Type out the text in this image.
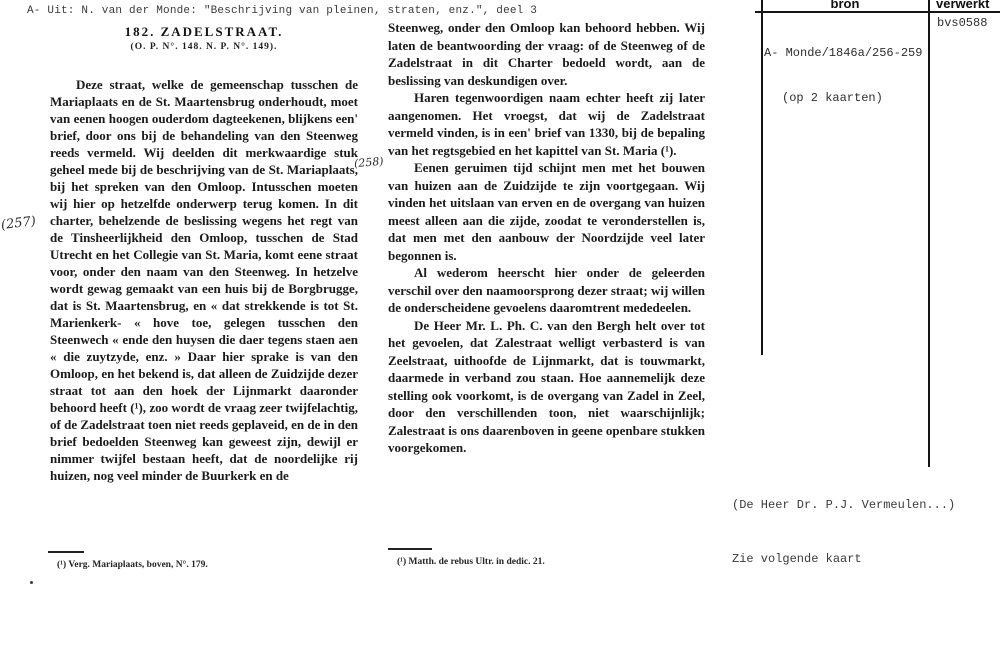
A- Uit: N. van der Monde: "Beschrijving van pleinen, straten, enz.", deel 3
(257)
(258)
182. ZADELSTRAAT.
(O. P. N°. 148. N. P. N°. 149).

Deze straat, welke de gemeenschap tusschen de Mariaplaats en de St. Maartensbrug onderhoudt, moet van eenen hoogen ouderdom dagteekenen, blijkens een' brief, door ons bij de behandeling van den Steenweg reeds vermeld. Wij deelden dit merkwaardige stuk geheel mede bij de beschrijving van de St. Mariaplaats, bij het spreken van den Omloop. Intusschen moeten wij hier op hetzelfde onderwerp terug komen. In dit charter, behelzende de beslissing wegens het regt van de Tinsheerlijkheid den Omloop, tusschen de Stad Utrecht en het Collegie van St. Maria, komt eene straat voor, onder den naam van den Steenweg. In hetzelve wordt gewag gemaakt van een huis bij de Borgbrugge, dat is St. Maartensbrug, en « dat strekkende is tot St. Marienkerk- « hove toe, gelegen tusschen den Steenwech « ende den huysen die daer tegens staen aen « die zuytzyde, enz. » Daar hier sprake is van den Omloop, en het bekend is, dat alleen de Zuidzijde dezer straat tot aan den hoek der Lijnmarkt daaronder behoord heeft (¹), zoo wordt de vraag zeer twijfelachtig, of de Zadelstraat toen niet reeds geplaveid, en de in den brief bedoelden Steenweg kan geweest zijn, dewijl er nimmer twijfel bestaan heeft, dat de noordelijke rij huizen, nog veel minder de Buurkerk en de

(¹) Verg. Mariaplaats, boven, N°. 179.

Steenweg, onder den Omloop kan behoord hebben. Wij laten de beantwoording der vraag: of de Steenweg of de Zadelstraat in dit Charter bedoeld wordt, aan de beslissing van deskundigen over.

Haren tegenwoordigen naam echter heeft zij later aangenomen. Het vroegst, dat wij de Zadelstraat vermeld vinden, is in een' brief van 1330, bij de bepaling van het regtsgebied en het kapittel van St. Maria (¹).

Eenen geruimen tijd schijnt men met het bouwen van huizen aan de Zuidzijde te zijn voortgegaan. Wij vinden het uitslaan van erven en de overgang van huizen meest alleen aan die zijde, zoodat te veronderstellen is, dat men met den aanbouw der Noordzijde veel later begonnen is.

Al wederom heerscht hier onder de geleerden verschil over den naamoorsprong dezer straat; wij willen de onderscheidene gevoelens daaromtrent mededeelen.

De Heer Mr. L. Ph. C. van den Bergh helt over tot het gevoelen, dat Zalestraat welligt verbasterd is van Zeelstraat, uithoofde de Lijnmarkt, dat is touwmarkt, daarmede in verband zou staan. Hoe aannemelijk deze stelling ook voorkomt, is de overgang van Zadel in Zeel, door den verschillenden toon, niet waarschijnlijk; Zalestraat is ons daarenboven in geene openbare stukken voorgekomen.

(¹) Matth. de rebus Ultr. in dedic. 21.
bron	verwerkt

A- Monde/1846a/256-259

(op 2 kaarten)

bvs0588

(De Heer Dr. P.J. Vermeulen...)

Zie volgende kaart
